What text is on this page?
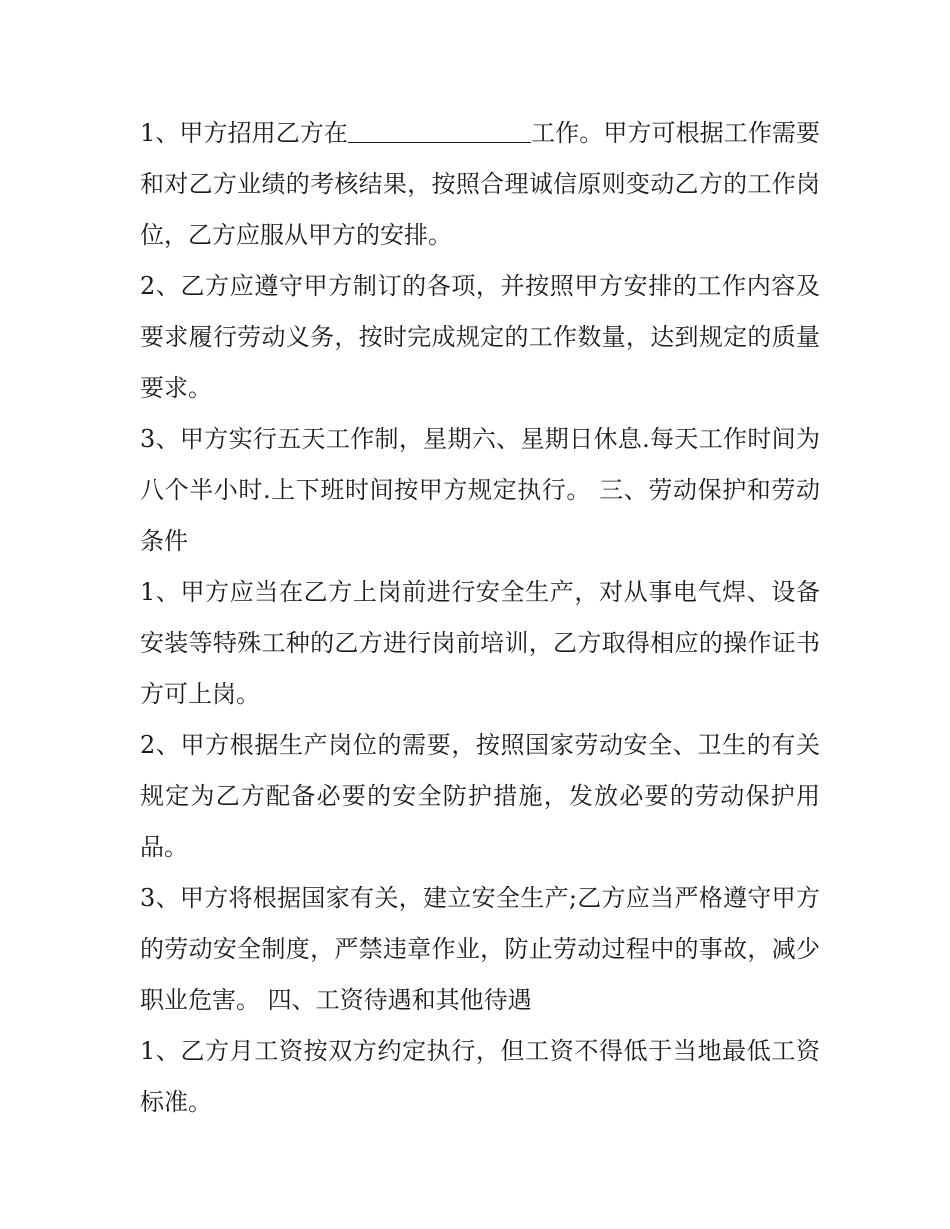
1、甲方招用乙方在	工作。甲方可根据工作需要和对乙方业绩的考核结果，按照合理诚信原则变动乙方的工作岗位，乙方应服从甲方的安排。

2、乙方应遵守甲方制订的各项，并按照甲方安排的工作内容及要求履行劳动义务，按时完成规定的工作数量，达到规定的质量要求。

3、甲方实行五天工作制，星期六、星期日休息.每天工作时间为八个半小时.上下班时间按甲方规定执行。 三、劳动保护和劳动条件

1、甲方应当在乙方上岗前进行安全生产，对从事电气焊、设备安装等特殊工种的乙方进行岗前培训，乙方取得相应的操作证书方可上岗。

2、甲方根据生产岗位的需要，按照国家劳动安全、卫生的有关规定为乙方配备必要的安全防护措施，发放必要的劳动保护用品。

3、甲方将根据国家有关，建立安全生产;乙方应当严格遵守甲方的劳动安全制度，严禁违章作业，防止劳动过程中的事故，减少职业危害。 四、工资待遇和其他待遇

1、乙方月工资按双方约定执行，但工资不得低于当地最低工资标准。
